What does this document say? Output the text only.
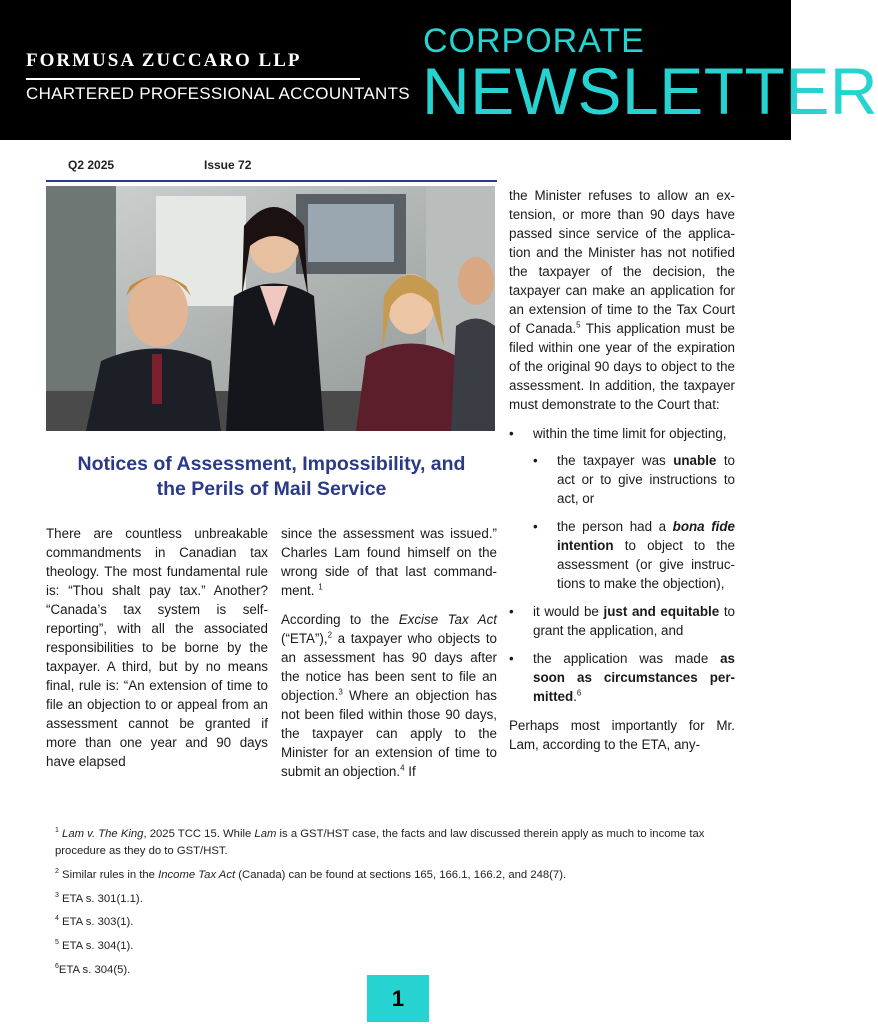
FORMUSA ZUCCARO LLP
CHARTERED PROFESSIONAL ACCOUNTANTS
CORPORATE
NEWSLETTER
Q2 2025	Issue 72
Notices of Assessment, Impossibility, and
the Perils of Mail Service

There are countless unbreakable commandments in Canadian tax theology. The most fundamental rule is: “Thou shalt pay tax.” Another? “Canada’s tax system is self-reporting”, with all the associated responsibilities to be borne by the taxpayer. A third, but by no means final, rule is: “An extension of time to file an objection to or appeal from an assessment cannot be granted if more than one year and 90 days have elapsed

since the assessment was issued.” Charles Lam found himself on the wrong side of that last commandment. $^1$

According to the Excise Tax Act (“ETA”),$^2$ a taxpayer who objects to an assessment has 90 days after the notice has been sent to file an objection.$^3$ Where an objection has not been filed within those 90 days, the taxpayer can apply to the Minister for an extension of time to submit an objection.$^4$ If

the Minister refuses to allow an extension, or more than 90 days have passed since service of the application and the Minister has not notified the taxpayer of the decision, the taxpayer can make an application for an extension of time to the Tax Court of Canada.$^5$ This application must be filed within one year of the expiration of the original 90 days to object to the assessment. In addition, the taxpayer must demonstrate to the Court that:

• within the time limit for objecting,
• the taxpayer was unable to act or to give instructions to act, or
• the person had a bona fide intention to object to the assessment (or give instructions to make the objection),
• it would be just and equitable to grant the application, and
• the application was made as soon as circumstances permitted.$^6$

Perhaps most importantly for Mr. Lam, according to the ETA, any-

$^1$ Lam v. The King, 2025 TCC 15. While Lam is a GST/HST case, the facts and law discussed therein apply as much to income tax procedure as they do to GST/HST.
$^2$ Similar rules in the Income Tax Act (Canada) can be found at sections 165, 166.1, 166.2, and 248(7).
$^3$ ETA s. 301(1.1).
$^4$ ETA s. 303(1).
$^5$ ETA s. 304(1).
$^6$ETA s. 304(5).
1
